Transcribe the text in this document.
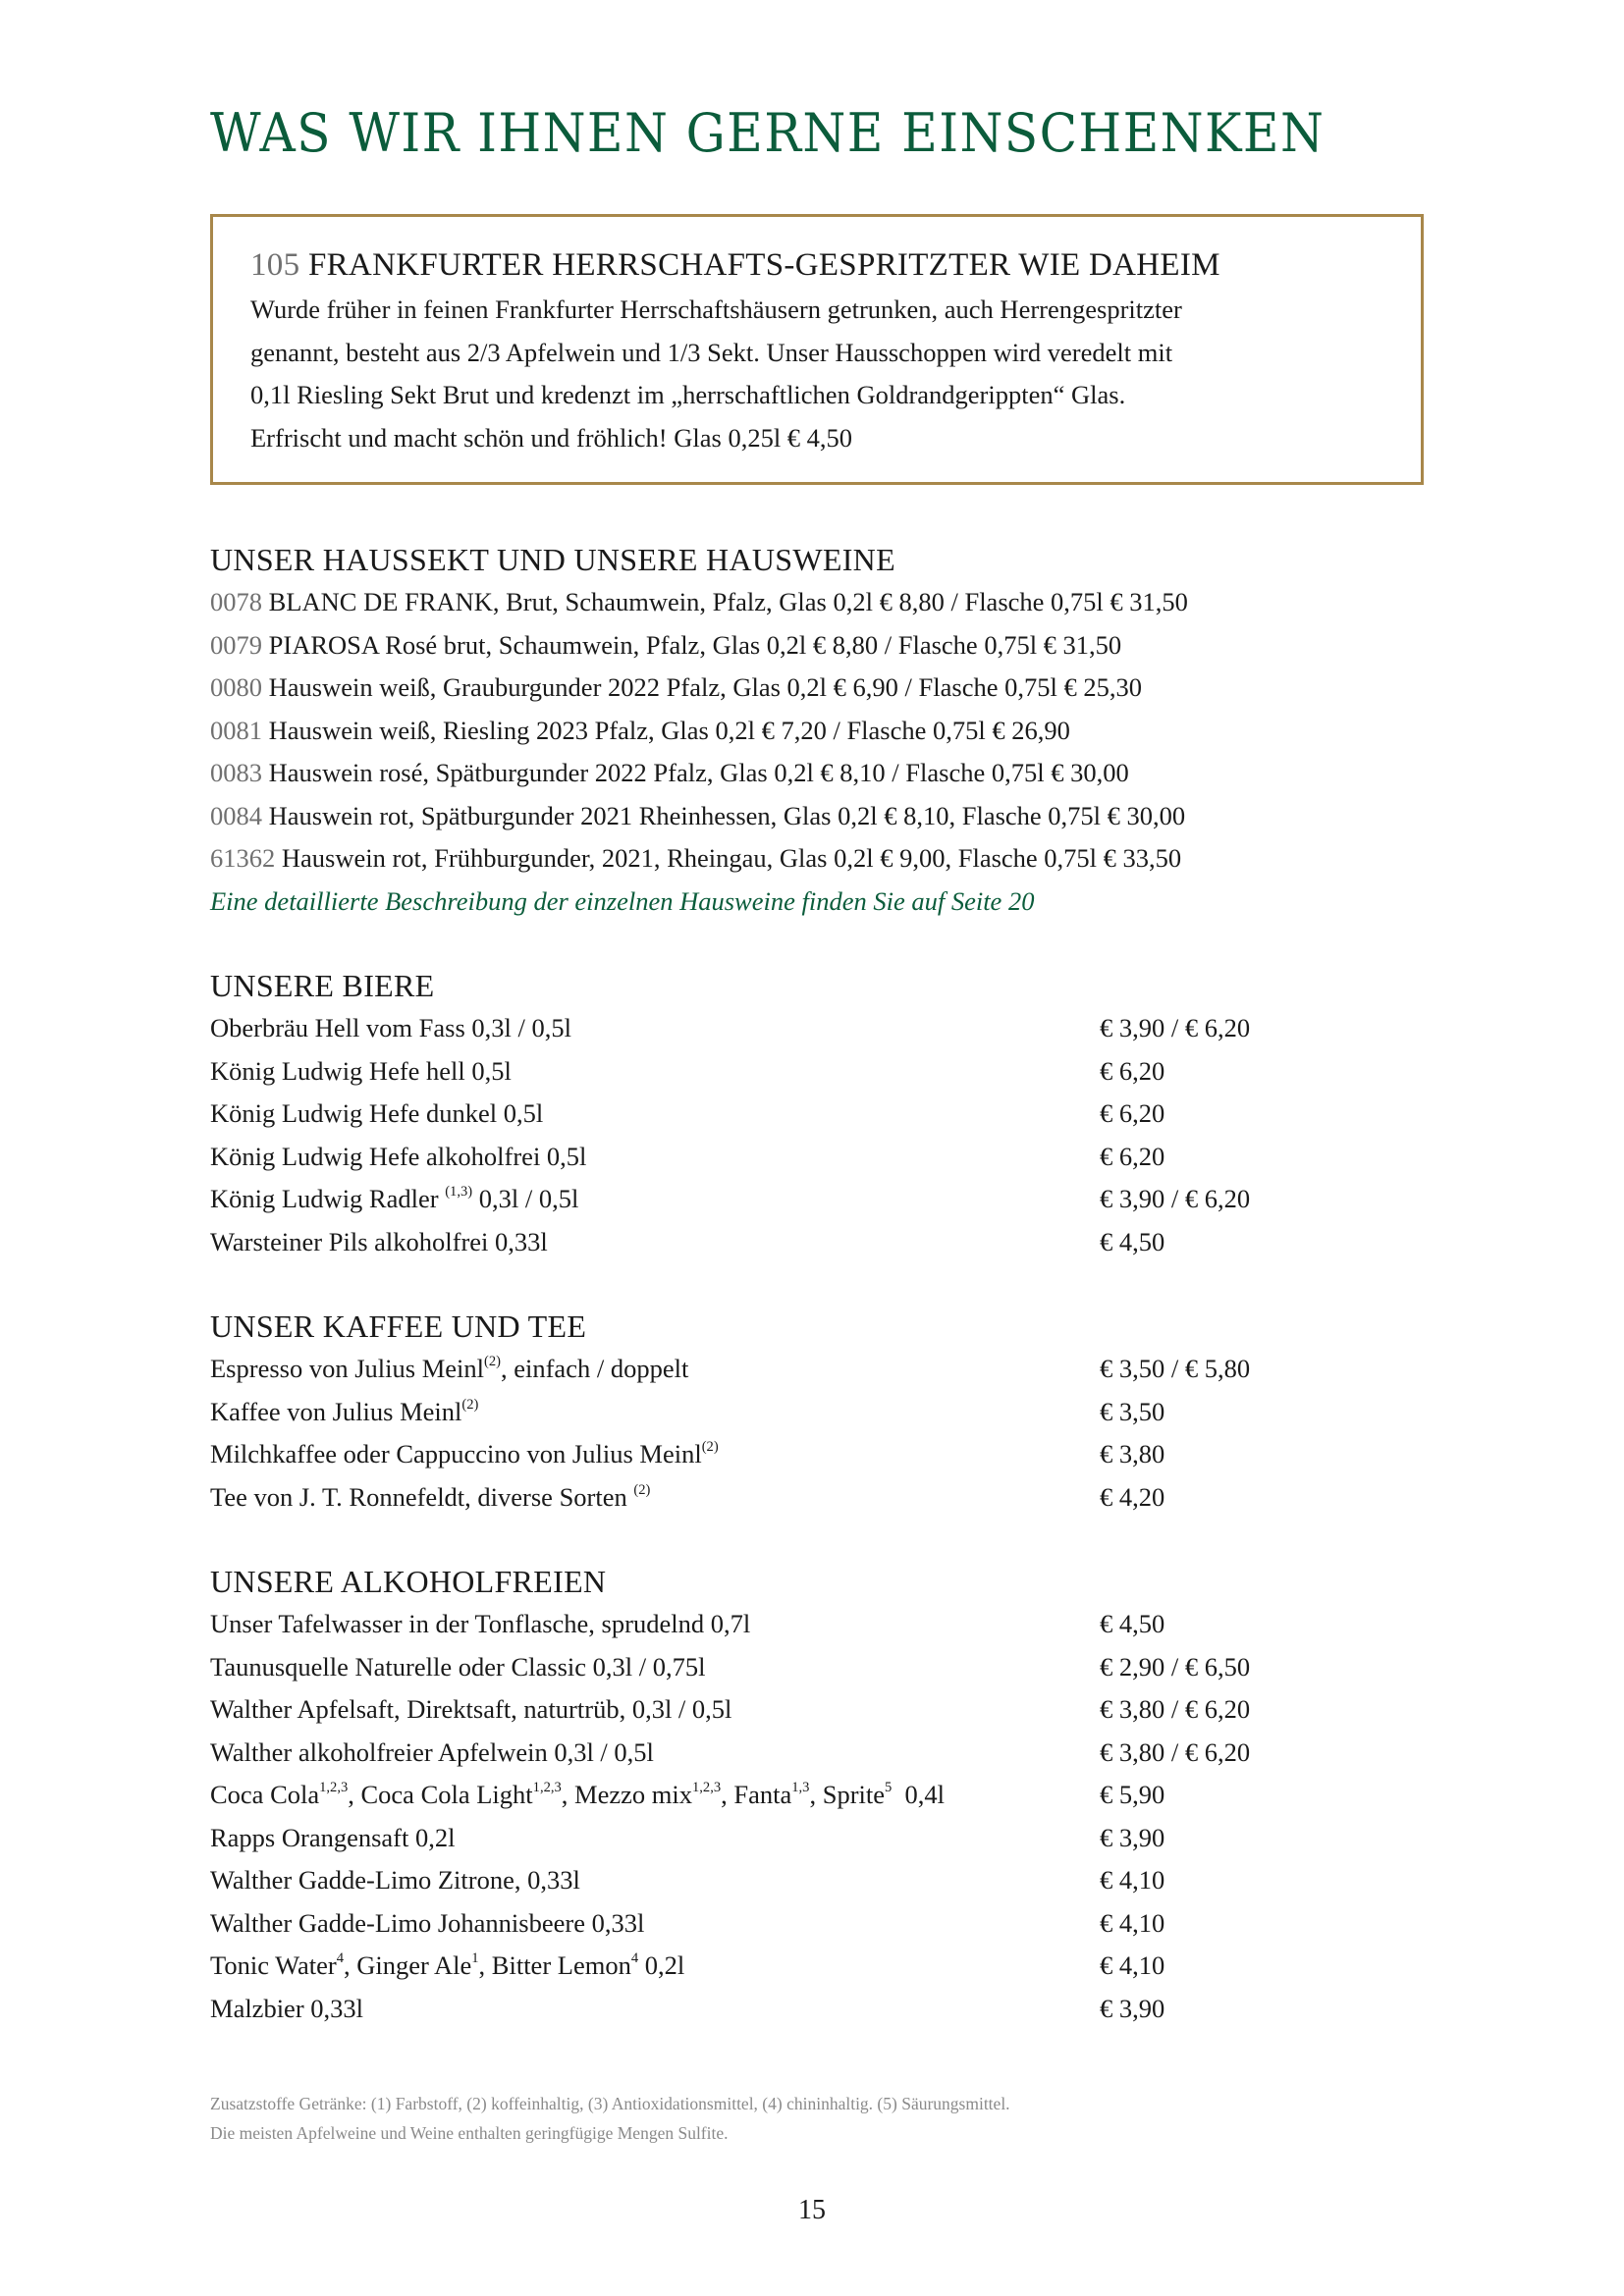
WAS WIR IHNEN GERNE EINSCHENKEN
105 FRANKFURTER HERRSCHAFTS-GESPRITZTER WIE DAHEIM

Wurde früher in feinen Frankfurter Herrschaftshäusern getrunken, auch Herrengespritzter

genannt, besteht aus 2/3 Apfelwein und 1/3 Sekt. Unser Hausschoppen wird veredelt mit

0,1l Riesling Sekt Brut und kredenzt im „herrschaftlichen Goldrandgerippten“ Glas.

Erfrischt und macht schön und fröhlich! Glas 0,25l € 4,50

UNSER HAUSSEKT UND UNSERE HAUSWEINE
0078 BLANC DE FRANK, Brut, Schaumwein, Pfalz, Glas 0,2l € 8,80 / Flasche 0,75l € 31,50
0079 PIAROSA Rosé brut, Schaumwein, Pfalz, Glas 0,2l € 8,80 / Flasche 0,75l € 31,50
0080 Hauswein weiß, Grauburgunder 2022 Pfalz, Glas 0,2l € 6,90 / Flasche 0,75l € 25,30
0081 Hauswein weiß, Riesling 2023 Pfalz, Glas 0,2l € 7,20 / Flasche 0,75l € 26,90
0083 Hauswein rosé, Spätburgunder 2022 Pfalz, Glas 0,2l € 8,10 / Flasche 0,75l € 30,00
0084 Hauswein rot, Spätburgunder 2021 Rheinhessen, Glas 0,2l € 8,10, Flasche 0,75l € 30,00
61362 Hauswein rot, Frühburgunder, 2021, Rheingau, Glas 0,2l € 9,00, Flasche 0,75l € 33,50
Eine detaillierte Beschreibung der einzelnen Hausweine finden Sie auf Seite 20
UNSERE BIERE
Oberbräu Hell vom Fass 0,3l / 0,5l	€ 3,90 / € 6,20
König Ludwig Hefe hell 0,5l	€ 6,20
König Ludwig Hefe dunkel 0,5l	€ 6,20
König Ludwig Hefe alkoholfrei 0,5l	€ 6,20
König Ludwig Radler $^{(1,3)}$ 0,3l / 0,5l	€ 3,90 / € 6,20
Warsteiner Pils alkoholfrei 0,33l	€ 4,50
UNSER KAFFEE UND TEE
Espresso von Julius Meinl$^{(2)}$, einfach / doppelt	€ 3,50 / € 5,80
Kaffee von Julius Meinl$^{(2)}$	€ 3,50
Milchkaffee oder Cappuccino von Julius Meinl$^{(2)}$	€ 3,80
Tee von J. T. Ronnefeldt, diverse Sorten $^{(2)}$	€ 4,20
UNSERE ALKOHOLFREIEN
Unser Tafelwasser in der Tonflasche, sprudelnd 0,7l	€ 4,50
Taunusquelle Naturelle oder Classic 0,3l / 0,75l	€ 2,90 / € 6,50
Walther Apfelsaft, Direktsaft, naturtrüb, 0,3l / 0,5l	€ 3,80 / € 6,20
Walther alkoholfreier Apfelwein 0,3l / 0,5l	€ 3,80 / € 6,20
Coca Cola$^{1,2,3}$, Coca Cola Light$^{1,2,3}$, Mezzo mix$^{1,2,3}$, Fanta$^{1,3}$, Sprite$^5$  0,4l	€ 5,90
Rapps Orangensaft 0,2l	€ 3,90
Walther Gadde-Limo Zitrone, 0,33l	€ 4,10
Walther Gadde-Limo Johannisbeere 0,33l	€ 4,10
Tonic Water$^4$, Ginger Ale$^1$, Bitter Lemon$^4$ 0,2l	€ 4,10
Malzbier 0,33l	€ 3,90

Zusatzstoffe Getränke: (1) Farbstoff, (2) koffeinhaltig, (3) Antioxidationsmittel, (4) chininhaltig. (5) Säurungsmittel.

Die meisten Apfelweine und Weine enthalten geringfügige Mengen Sulfite.

15
